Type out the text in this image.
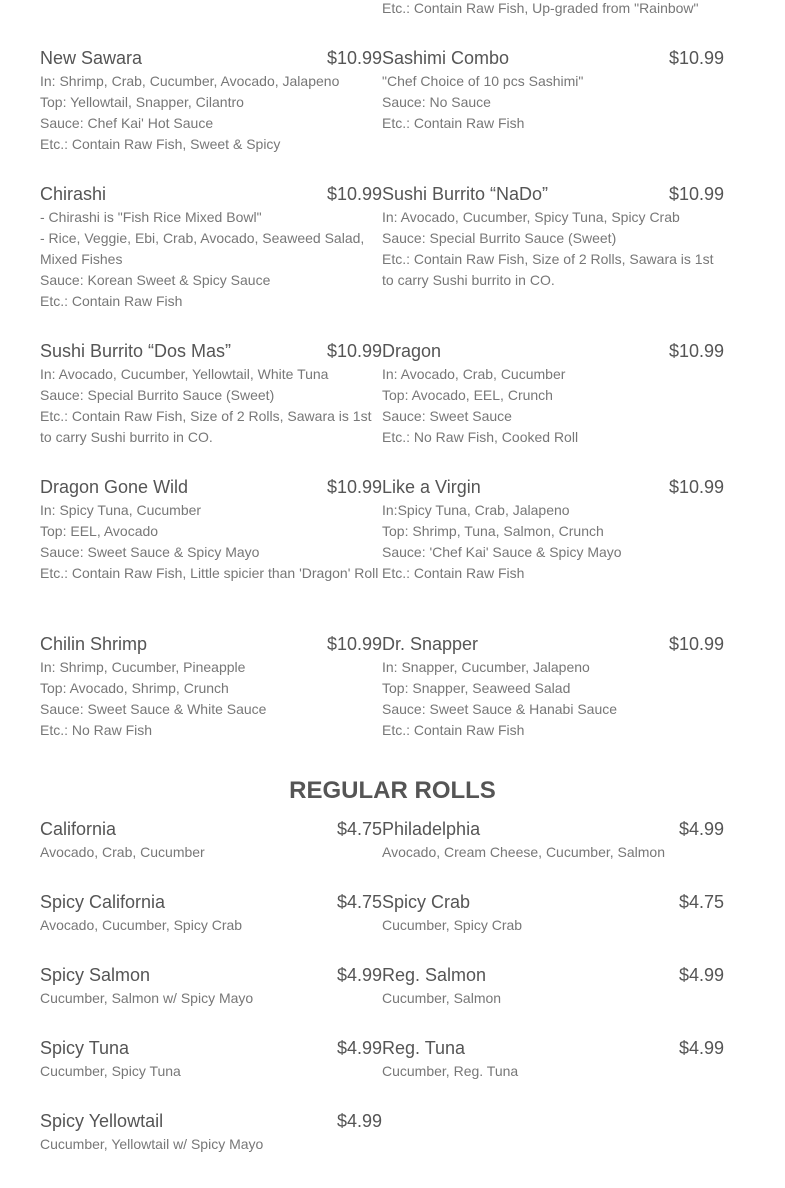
Etc.: Contain Raw Fish, Up-graded from "Rainbow"
New Sawara	$10.99
In: Shrimp, Crab, Cucumber, Avocado, Jalapeno
Top: Yellowtail, Snapper, Cilantro
Sauce: Chef Kai' Hot Sauce
Etc.: Contain Raw Fish, Sweet & Spicy
Sashimi Combo	$10.99
"Chef Choice of 10 pcs Sashimi"
Sauce: No Sauce
Etc.: Contain Raw Fish
Chirashi	$10.99
- Chirashi is "Fish Rice Mixed Bowl"
- Rice, Veggie, Ebi, Crab, Avocado, Seaweed Salad, Mixed Fishes
Sauce: Korean Sweet & Spicy Sauce
Etc.: Contain Raw Fish
Sushi Burrito “NaDo”	$10.99
In: Avocado, Cucumber, Spicy Tuna, Spicy Crab
Sauce: Special Burrito Sauce (Sweet)
Etc.: Contain Raw Fish, Size of 2 Rolls, Sawara is 1st to carry Sushi burrito in CO.
Sushi Burrito “Dos Mas”	$10.99
In: Avocado, Cucumber, Yellowtail, White Tuna
Sauce: Special Burrito Sauce (Sweet)
Etc.: Contain Raw Fish, Size of 2 Rolls, Sawara is 1st to carry Sushi burrito in CO.
Dragon	$10.99
In: Avocado, Crab, Cucumber
Top: Avocado, EEL, Crunch
Sauce: Sweet Sauce
Etc.: No Raw Fish, Cooked Roll
Dragon Gone Wild	$10.99
In: Spicy Tuna, Cucumber
Top: EEL, Avocado
Sauce: Sweet Sauce & Spicy Mayo
Etc.: Contain Raw Fish, Little spicier than 'Dragon' Roll
Like a Virgin	$10.99
In:Spicy Tuna, Crab, Jalapeno
Top: Shrimp, Tuna, Salmon, Crunch
Sauce: 'Chef Kai' Sauce & Spicy Mayo
Etc.: Contain Raw Fish
Chilin Shrimp	$10.99
In: Shrimp, Cucumber, Pineapple
Top: Avocado, Shrimp, Crunch
Sauce: Sweet Sauce & White Sauce
Etc.: No Raw Fish
Dr. Snapper	$10.99
In: Snapper, Cucumber, Jalapeno
Top: Snapper, Seaweed Salad
Sauce: Sweet Sauce & Hanabi Sauce
Etc.: Contain Raw Fish
REGULAR ROLLS
California	$4.75
Avocado, Crab, Cucumber
Philadelphia	$4.99
Avocado, Cream Cheese, Cucumber, Salmon
Spicy California	$4.75
Avocado, Cucumber, Spicy Crab
Spicy Crab	$4.75
Cucumber, Spicy Crab
Spicy Salmon	$4.99
Cucumber, Salmon w/ Spicy Mayo
Reg. Salmon	$4.99
Cucumber, Salmon
Spicy Tuna	$4.99
Cucumber, Spicy Tuna
Reg. Tuna	$4.99
Cucumber, Reg. Tuna
Spicy Yellowtail	$4.99
Cucumber, Yellowtail w/ Spicy Mayo
